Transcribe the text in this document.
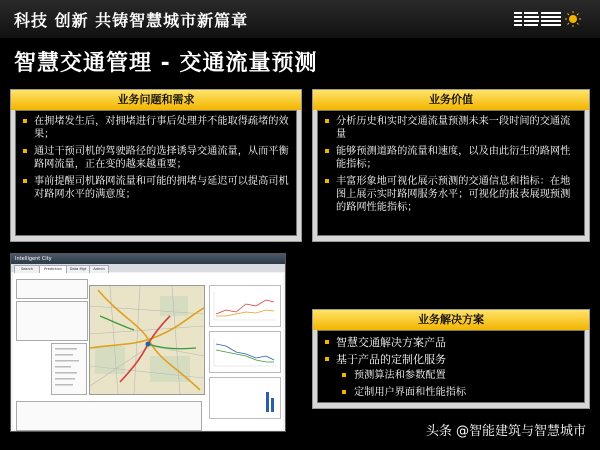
科技 创新 共铸智慧城市新篇章
智慧交通管理 - 交通流量预测
业务问题和需求
在拥堵发生后，对拥堵进行事后处理并不能取得疏堵的效果；
通过干预司机的驾驶路径的选择诱导交通流量，从而平衡路网流量，正在变的越来越重要；
事前提醒司机路网流量和可能的拥堵与延迟可以提高司机对路网水平的满意度；
业务价值
分析历史和实时交通流量预测未来一段时间的交通流量
能够预测道路的流量和速度，以及由此衍生的路网性能指标；
丰富形象地可视化展示预测的交通信息和指标：在地图上展示实时路网服务水平；可视化的报表展现预测的路网性能指标；
业务解决方案
智慧交通解决方案产品
基于产品的定制化服务
预测算法和参数配置
定制用户界面和性能指标
Intelligent City
Search	Prediction	Data Mgt	Admin
头条 @智能建筑与智慧城市
